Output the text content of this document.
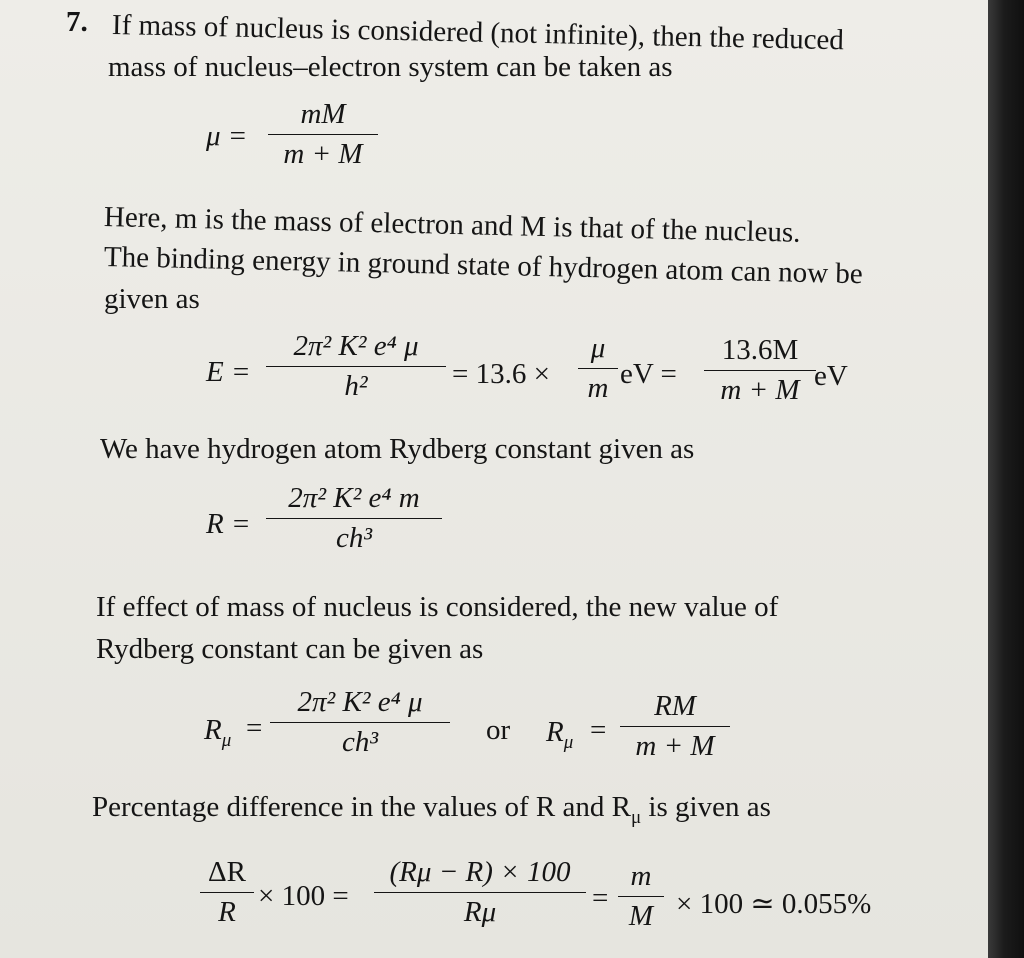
7. If mass of nucleus is considered (not infinite), then the reduced
mass of nucleus–electron system can be taken as
μ =
mM
m + M
Here, m is the mass of electron and M is that of the nucleus.
The binding energy in ground state of hydrogen atom can now be
given as
E =
2π² K² e⁴ μ
h²	= 13.6 ×
μ
m eV =
13.6M
m + M eV
We have hydrogen atom Rydberg constant given as
R =
2π² K² e⁴ m
ch³
If effect of mass of nucleus is considered, the new value of
Rydberg constant can be given as
$R_\mu$ =
2π² K² e⁴ μ
ch³	or $R_\mu$ =
RM
m + M
Percentage difference in the values of R and $R_\mu$ is given as
ΔR
R × 100 =
(Rμ − R) × 100
Rμ	=
m
M × 100 ≃ 0.055%
